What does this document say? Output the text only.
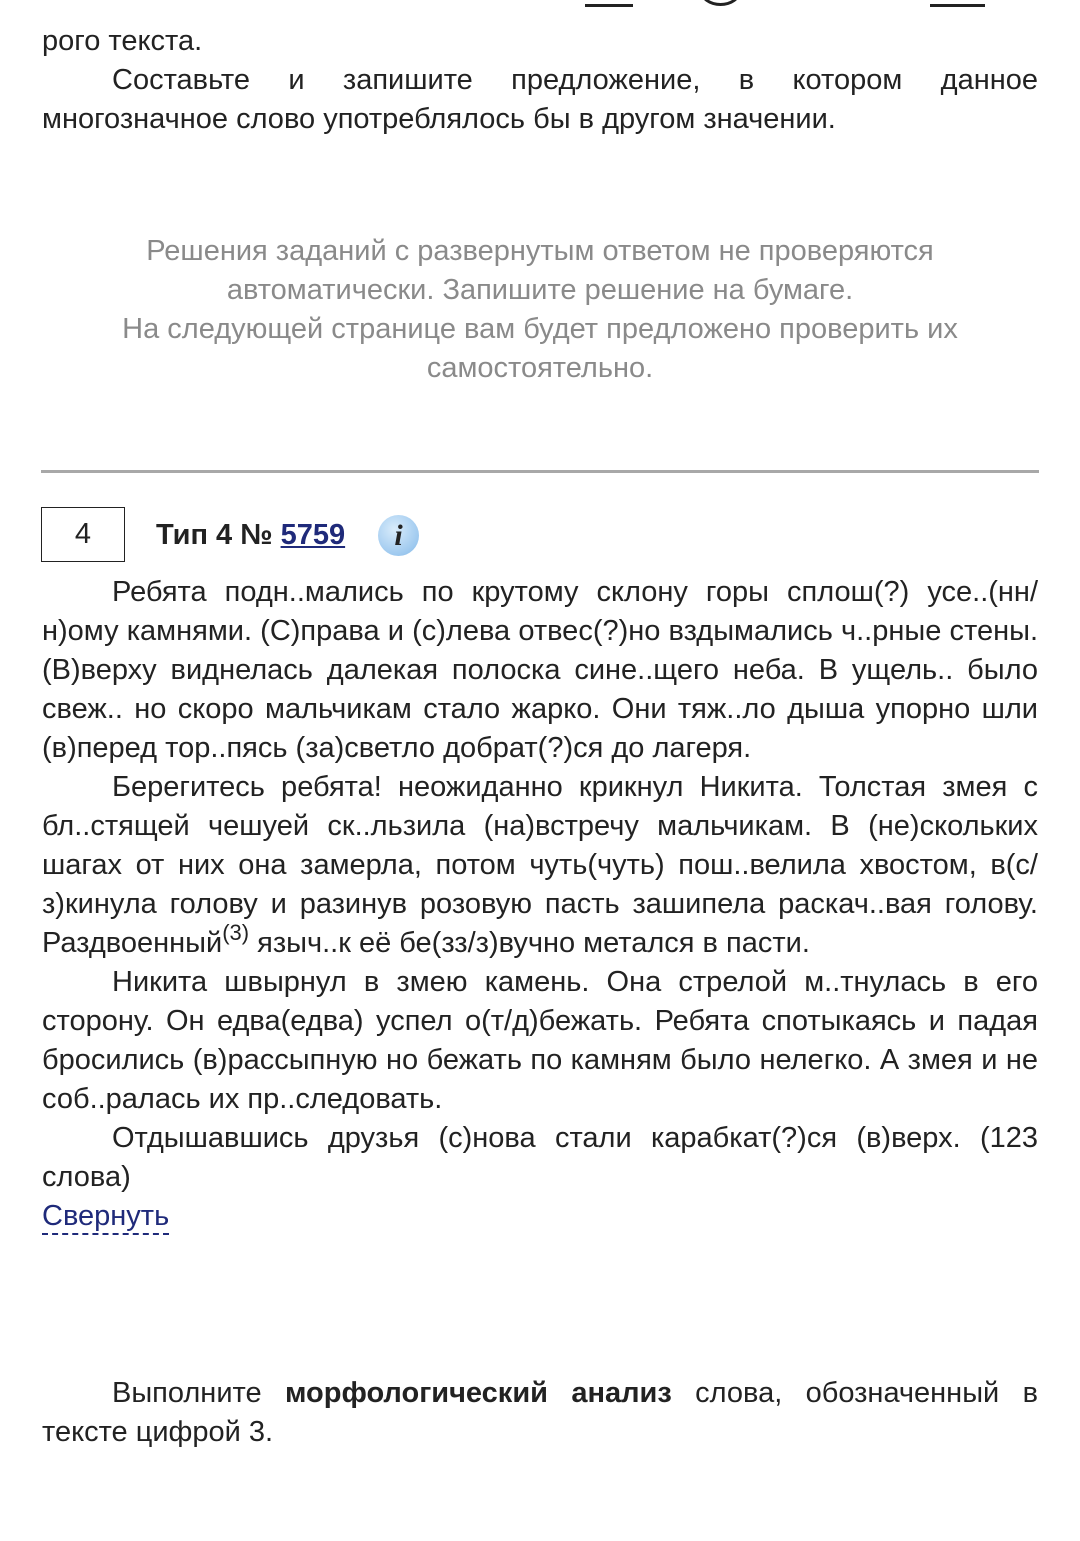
рого текста.

Составьте и запишите предложение, в котором данное многозначное слово употреблялось бы в другом значении.

Решения заданий с развернутым ответом не проверяются автоматически. Запишите решение на бумаге.

На следующей странице вам будет предложено проверить их самостоятельно.

4	Тип 4 № 5759	i

Ребята подн..мались по крутому склону горы сплош(?) усе..(нн/н)ому камнями. (С)права и (с)лева отвес(?)но вздымались ч..рные стены. (В)верху виднелась далекая полоска сине..щего неба. В ущель.. было свеж.. но скоро мальчикам стало жарко. Они тяж..ло дыша упорно шли (в)перед тор..пясь (за)светло добрат(?)ся до лагеря.

Берегитесь ребята! неожиданно крикнул Никита. Толстая змея с бл..стящей чешуей ск..льзила (на)встречу мальчикам. В (не)скольких шагах от них она замерла, потом чуть(чуть) пош..велила хвостом, в(с/з)кинула голову и разинув розовую пасть зашипела раскач..вая голову. Раздвоенный$^{(3)}$ языч..к её бе(зз/з)вучно метался в пасти.

Никита швырнул в змею камень. Она стрелой м..тнулась в его сторону. Он едва(едва) успел о(т/д)бежать. Ребята спотыкаясь и падая бросились (в)рассыпную но бежать по камням было нелегко. А змея и не соб..ралась их пр..следовать.

Отдышавшись друзья (с)нова стали карабкат(?)ся (в)верх. (123 слова)

Свернуть

Выполните морфологический анализ слова, обозначенный в тексте цифрой 3.
